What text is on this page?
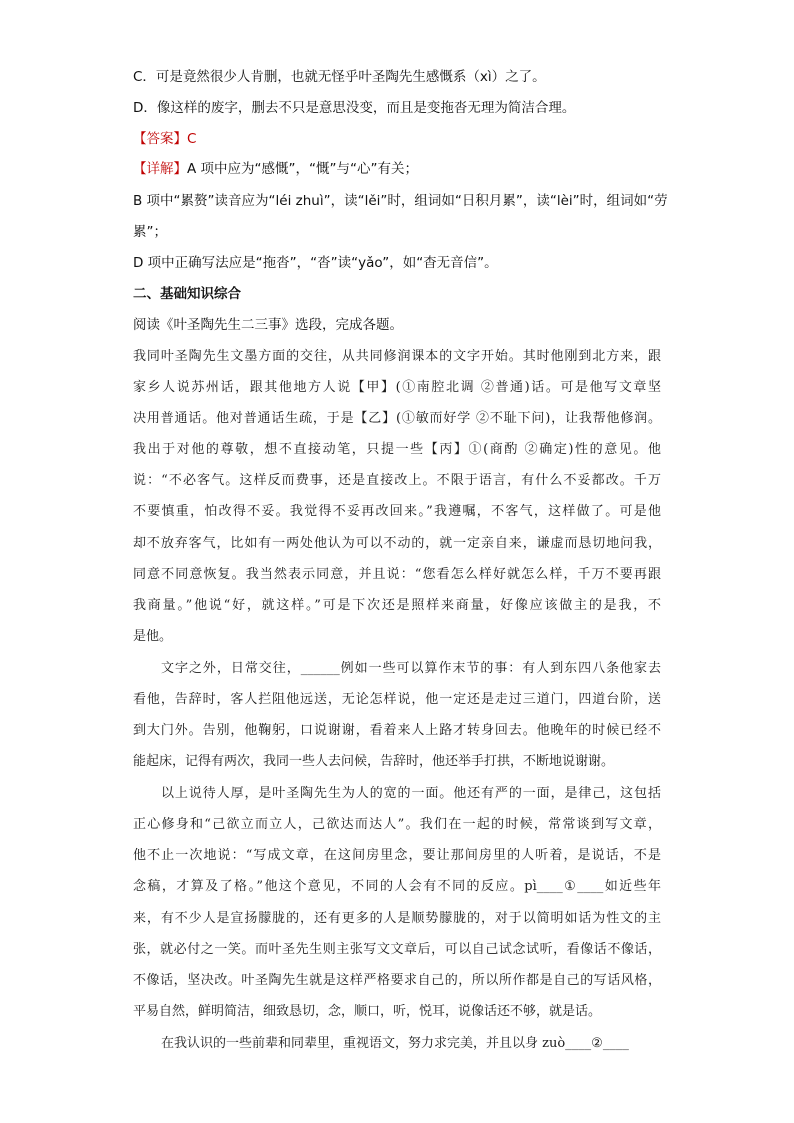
C．可是竟然很少人肯删，也就无怪乎叶圣陶先生感慨系（xì）之了。
D．像这样的废字，删去不只是意思没变，而且是变拖沓无理为简洁合理。
【答案】C
【详解】A 项中应为“感慨”，“慨”与“心”有关；
B 项中“累赘”读音应为“léi zhuì”，读“lěi”时，组词如“日积月累”，读“lèi”时，组词如“劳
累”；
D 项中正确写法应是“拖沓”，“沓”读“yǎo”，如“杳无音信”。
二、基础知识综合
阅读《叶圣陶先生二三事》选段，完成各题。
我同叶圣陶先生文墨方面的交往，从共同修润课本的文字开始。其时他刚到北方来，跟
家乡人说苏州话，跟其他地方人说【甲】(①南腔北调 ②普通)话。可是他写文章坚
决用普通话。他对普通话生疏，于是【乙】(①敏而好学 ②不耻下问)，让我帮他修润。
我出于对他的尊敬，想不直接动笔，只提一些【丙】①(商酌 ②确定)性的意见。他
说：“不必客气。这样反而费事，还是直接改上。不限于语言，有什么不妥都改。千万
不要慎重，怕改得不妥。我觉得不妥再改回来。”我遵嘱，不客气，这样做了。可是他
却不放弃客气，比如有一两处他认为可以不动的，就一定亲自来，谦虚而恳切地问我，
同意不同意恢复。我当然表示同意，并且说：“您看怎么样好就怎么样，千万不要再跟
我商量。”他说“好，就这样。”可是下次还是照样来商量，好像应该做主的是我，不
是他。
文字之外，日常交往，______例如一些可以算作末节的事：有人到东四八条他家去
看他，告辞时，客人拦阻他远送，无论怎样说，他一定还是走过三道门，四道台阶，送
到大门外。告别，他鞠躬，口说谢谢，看着来人上路才转身回去。他晚年的时候已经不
能起床，记得有两次，我同一些人去问候，告辞时，他还举手打拱，不断地说谢谢。
以上说待人厚，是叶圣陶先生为人的宽的一面。他还有严的一面，是律己，这包括
正心修身和“己欲立而立人，己欲达而达人”。我们在一起的时候，常常谈到写文章，
他不止一次地说：“写成文章，在这间房里念，要让那间房里的人听着，是说话，不是
念稿，才算及了格。”他这个意见，不同的人会有不同的反应。pì____①____如近些年
来，有不少人是宣扬朦胧的，还有更多的人是顺势朦胧的，对于以简明如话为性文的主
张，就必付之一笑。而叶圣先生则主张写文文章后，可以自己试念试听，看像话不像话，
不像话，坚决改。叶圣陶先生就是这样严格要求自己的，所以所作都是自己的写话风格，
平易自然，鲜明简洁，细致恳切，念，顺口，听，悦耳，说像话还不够，就是话。
在我认识的一些前辈和同辈里，重视语文，努力求完美，并且以身 zuò____②____
